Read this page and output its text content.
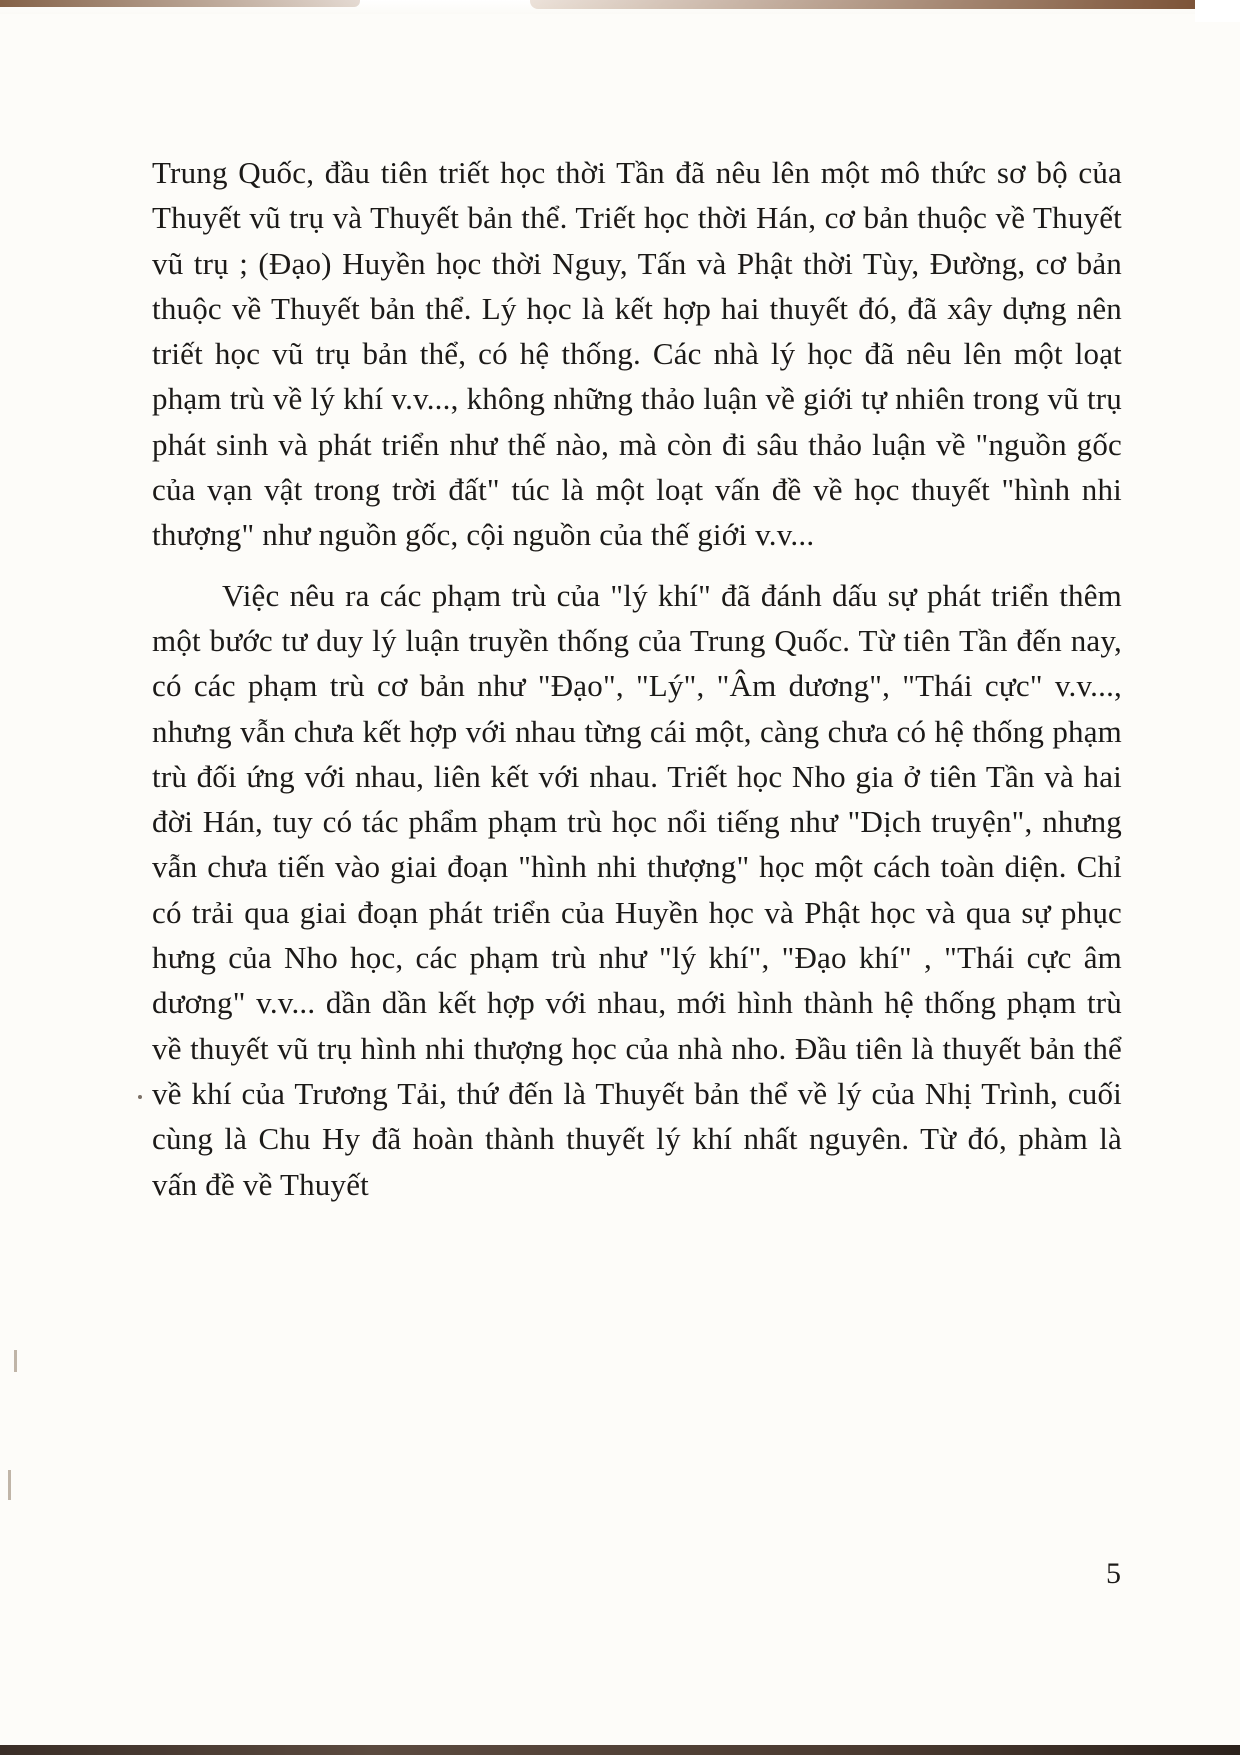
Trung Quốc, đầu tiên triết học thời Tần đã nêu lên một mô thức sơ bộ của Thuyết vũ trụ và Thuyết bản thể. Triết học thời Hán, cơ bản thuộc về Thuyết vũ trụ ; (Đạo) Huyền học thời Nguy, Tấn và Phật thời Tùy, Đường, cơ bản thuộc về Thuyết bản thể. Lý học là kết hợp hai thuyết đó, đã xây dựng nên triết học vũ trụ bản thể, có hệ thống. Các nhà lý học đã nêu lên một loạt phạm trù về lý khí v.v..., không những thảo luận về giới tự nhiên trong vũ trụ phát sinh và phát triển như thế nào, mà còn đi sâu thảo luận về "nguồn gốc của vạn vật trong trời đất" túc là một loạt vấn đề về học thuyết "hình nhi thượng" như nguồn gốc, cội nguồn của thế giới v.v...

Việc nêu ra các phạm trù của "lý khí" đã đánh dấu sự phát triển thêm một bước tư duy lý luận truyền thống của Trung Quốc. Từ tiên Tần đến nay, có các phạm trù cơ bản như "Đạo", "Lý", "Âm dương", "Thái cực" v.v..., nhưng vẫn chưa kết hợp với nhau từng cái một, càng chưa có hệ thống phạm trù đối ứng với nhau, liên kết với nhau. Triết học Nho gia ở tiên Tần và hai đời Hán, tuy có tác phẩm phạm trù học nổi tiếng như "Dịch truyện", nhưng vẫn chưa tiến vào giai đoạn "hình nhi thượng" học một cách toàn diện. Chỉ có trải qua giai đoạn phát triển của Huyền học và Phật học và qua sự phục hưng của Nho học, các phạm trù như "lý khí", "Đạo khí" , "Thái cực âm dương" v.v... dần dần kết hợp với nhau, mới hình thành hệ thống phạm trù về thuyết vũ trụ hình nhi thượng học của nhà nho. Đầu tiên là thuyết bản thể về khí của Trương Tải, thứ đến là Thuyết bản thể về lý của Nhị Trình, cuối cùng là Chu Hy đã hoàn thành thuyết lý khí nhất nguyên. Từ đó, phàm là vấn đề về Thuyết

5
